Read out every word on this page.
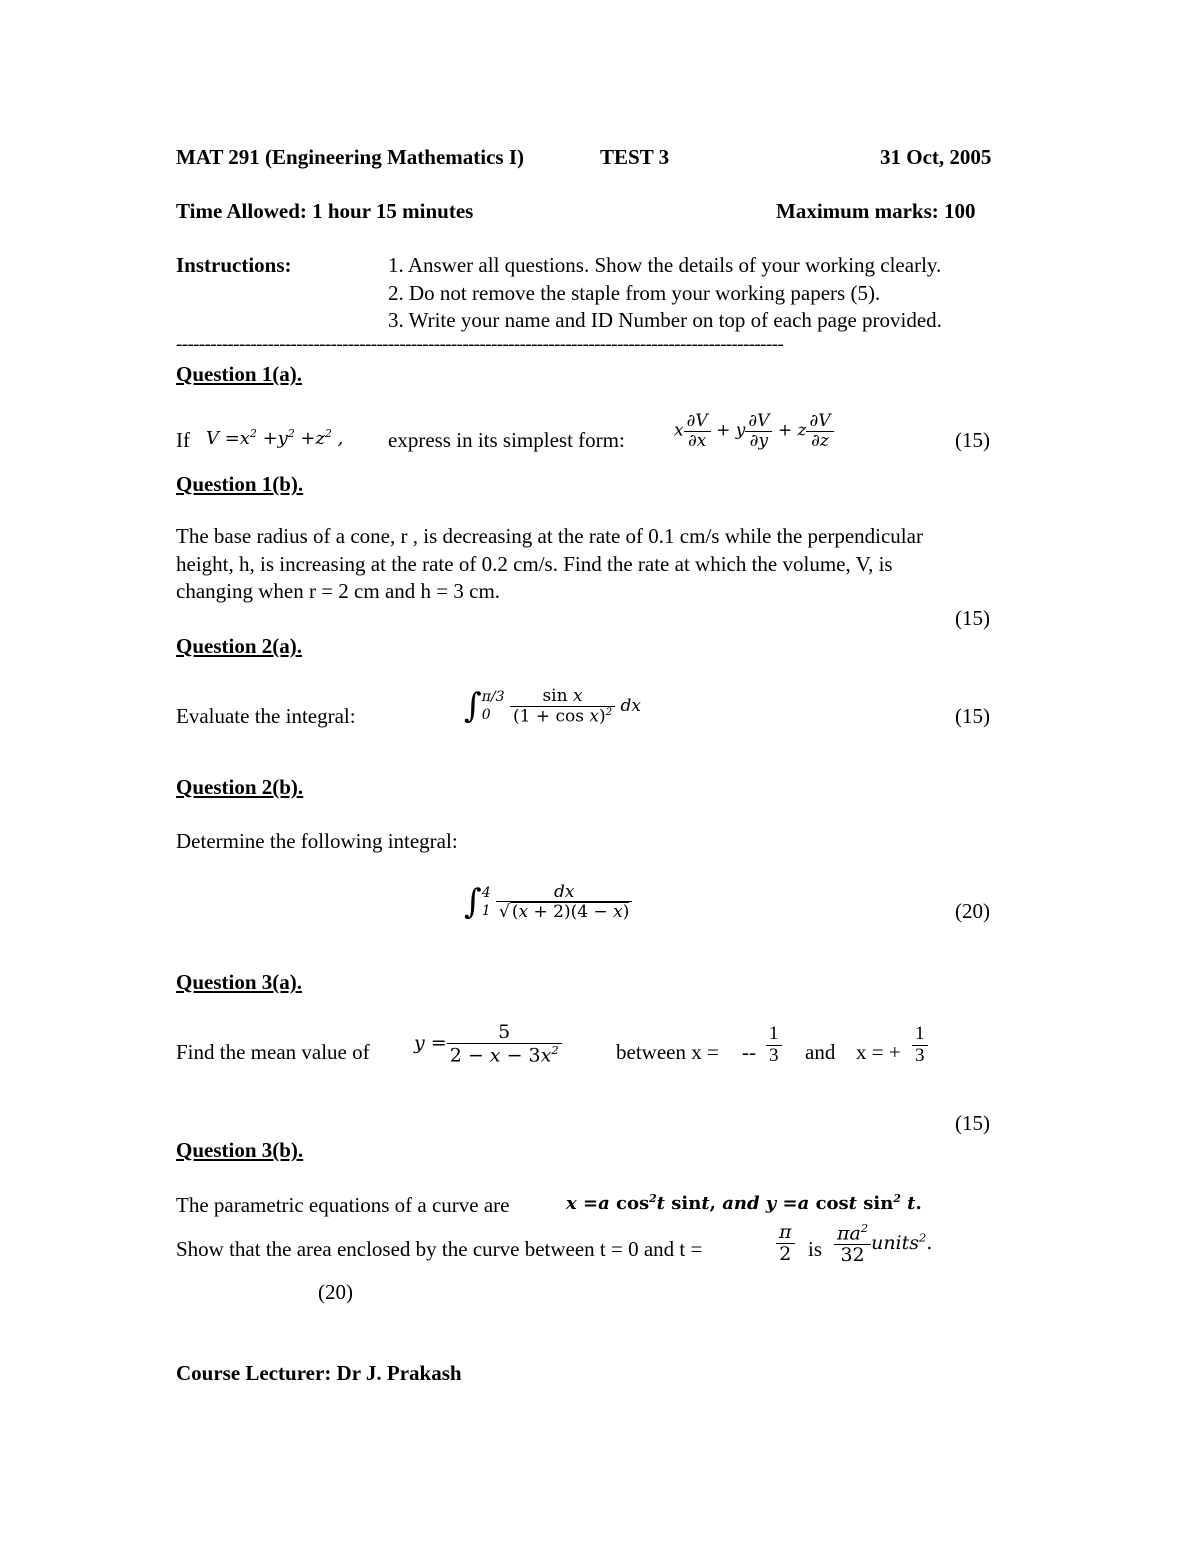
MAT 291 (Engineering Mathematics I)	TEST 3	31 Oct, 2005
Time Allowed: 1 hour 15 minutes	Maximum marks: 100
Instructions:	1. Answer all questions. Show the details of your working clearly.
2. Do not remove the staple from your working papers (5).
3. Write your name and ID Number on top of each page provided.
----------------------------------------------------------------------------------------------------------
Question 1(a).
If $V =x^2 +y^2 +z^2$ , express in its simplest form:	x $\frac{\partial V}{\partial x} + y \frac{\partial V}{\partial y} + z \frac{\partial V}{\partial z}$	(15)
Question 1(b).
The base radius of a cone, r , is decreasing at the rate of 0.1 cm/s while the perpendicular
height, h, is increasing at the rate of 0.2 cm/s. Find the rate at which the volume, V, is
changing when r = 2 cm and h = 3 cm.
(15)
Question 2(a).
Evaluate the integral:	∫ π/3
0
	$\frac{\text{sin x}}{(1 + \cos x)^2}$ dx	(15)
Question 2(b).
Determine the following integral:
∫ 4
1
$\frac{dx}{√ (x + 2)(4 - x)}$	(20)
Question 3(a).
Find the mean value of $y = \frac{5}{2 - x - 3x^2}$	between x = -- $\frac{1}{3}$ and x = + $\frac{1}{3}$
(15)
Question 3(b).
The parametric equations of a curve are	x =a $\cos^2t$ sint, and y =a cost $\sin^2 t$.
Show that the area enclosed by the curve between t = 0 and t =	$\frac{\pi}{2}$ is $\frac{\pi a^2}{32}$ units$^2$.
(20)
Course Lecturer: Dr J. Prakash
